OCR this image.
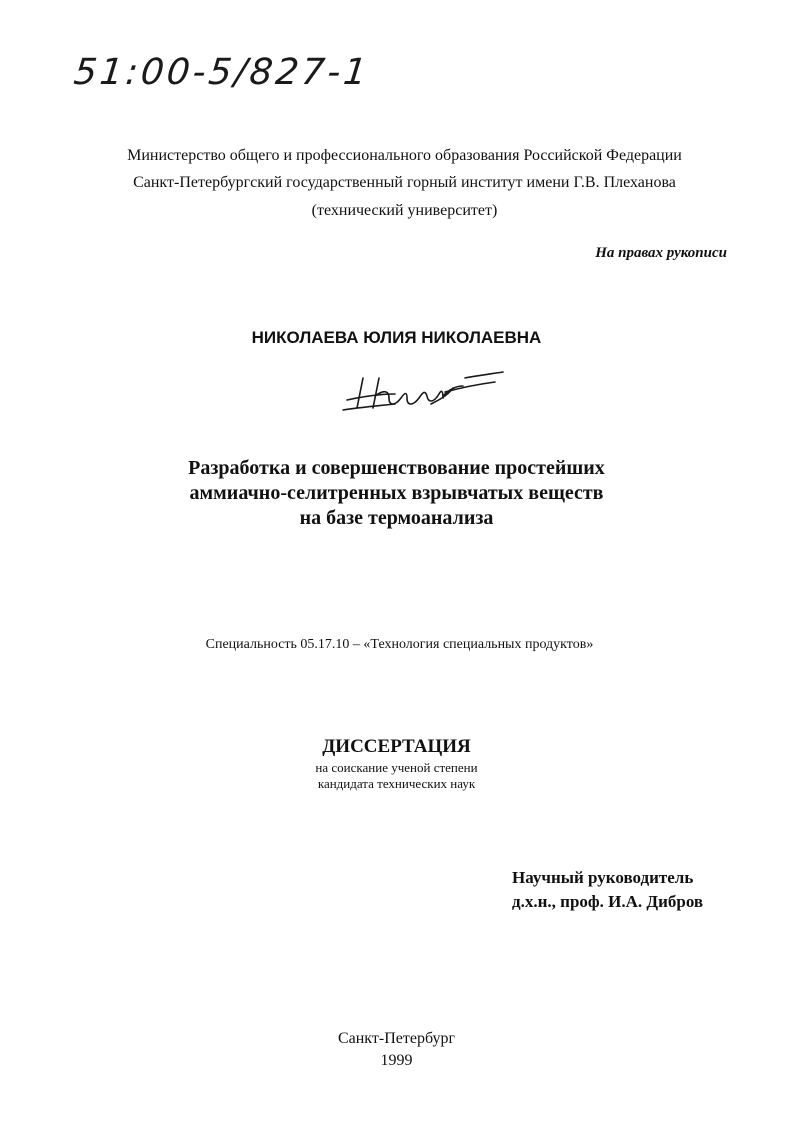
51:00-5/827-1
Министерство общего и профессионального образования Российской Федерации
Санкт-Петербургский государственный горный институт имени Г.В. Плеханова
(технический университет)
На правах рукописи
НИКОЛАЕВА ЮЛИЯ НИКОЛАЕВНА
Разработка и совершенствование простейших
аммиачно-селитренных взрывчатых веществ
на базе термоанализа
Специальность 05.17.10 – «Технология специальных продуктов»
ДИССЕРТАЦИЯ
на соискание ученой степени
кандидата технических наук
Научный руководитель
д.х.н., проф. И.А. Дибров
Санкт-Петербург
1999
